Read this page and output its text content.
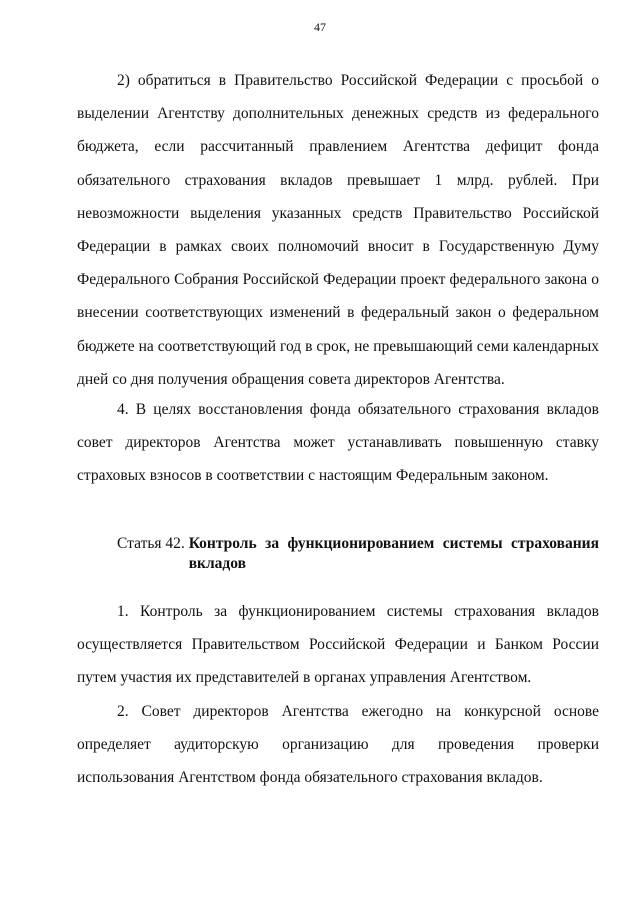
47

2) обратиться в Правительство Российской Федерации с просьбой о выделении Агентству дополнительных денежных средств из федерального бюджета, если рассчитанный правлением Агентства дефицит фонда обязательного страхования вкладов превышает 1 млрд. рублей. При невозможности выделения указанных средств Правительство Российской Федерации в рамках своих полномочий вносит в Государственную Думу Федерального Собрания Российской Федерации проект федерального закона о внесении соответствующих изменений в федеральный закон о федеральном бюджете на соответствующий год в срок, не превышающий семи календарных дней со дня получения обращения совета директоров Агентства.

4. В целях восстановления фонда обязательного страхования вкладов совет директоров Агентства может устанавливать повышенную ставку страховых взносов в соответствии с настоящим Федеральным законом.

Статья 42.
Контроль за функционированием системы страхования вкладов

1. Контроль за функционированием системы страхования вкладов осуществляется Правительством Российской Федерации и Банком России путем участия их представителей в органах управления Агентством.

2. Совет директоров Агентства ежегодно на конкурсной основе определяет аудиторскую организацию для проведения проверки использования Агентством фонда обязательного страхования вкладов.
